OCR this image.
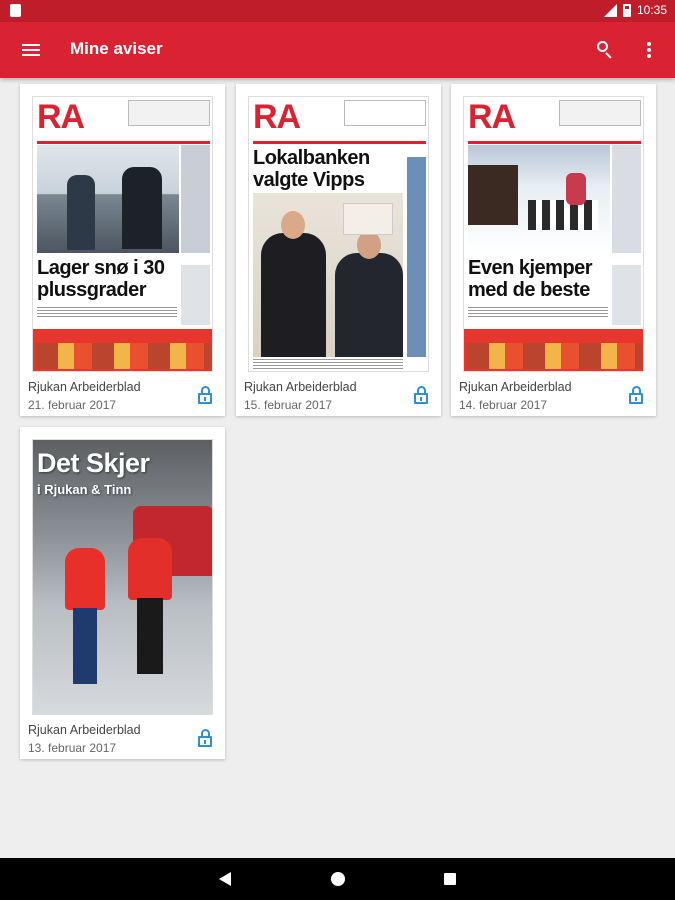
10:35
Mine aviser
RA
Lager snø i 30
plussgrader
Rjukan Arbeiderblad
21. februar 2017
RA
Lokalbanken
valgte Vipps
Rjukan Arbeiderblad
15. februar 2017
RA
Even kjemper
med de beste
Rjukan Arbeiderblad
14. februar 2017
Det Skjer
i Rjukan & Tinn
Rjukan Arbeiderblad
13. februar 2017
